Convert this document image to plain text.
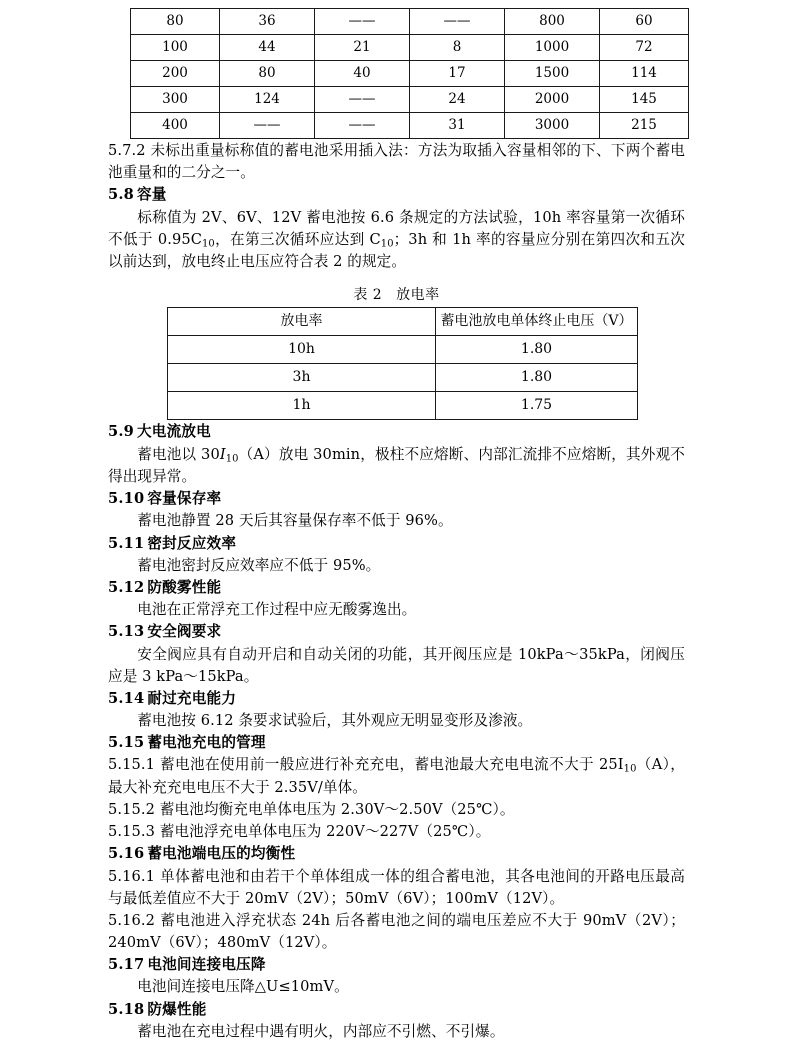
80	36	——	——	800	60
100	44	21	8	1000	72
200	80	40	17	1500	114
300	124	——	24	2000	145
400	——	——	31	3000	215

5.7.2 未标出重量标称值的蓄电池采用插入法：方法为取插入容量相邻的下、下两个蓄电池重量和的二分之一。

5.8 容量

标称值为 2V、6V、12V 蓄电池按 6.6 条规定的方法试验，10h 率容量第一次循环不低于 $0.95C_{10}$，在第三次循环应达到 $C_{10}$；3h 和 1h 率的容量应分别在第四次和五次以前达到，放电终止电压应符合表 2 的规定。

表 2 放电率

放电率	蓄电池放电单体终止电压（V）
10h	1.80
3h	1.80
1h	1.75

5.9 大电流放电

蓄电池以 $30I_{10}(A)$放电 30min，极柱不应熔断、内部汇流排不应熔断，其外观不得出现异常。

5.10 容量保存率

蓄电池静置 28 天后其容量保存率不低于 96%。

5.11 密封反应效率

蓄电池密封反应效率应不低于 95%。

5.12 防酸雾性能

电池在正常浮充工作过程中应无酸雾逸出。

5.13 安全阀要求

安全阀应具有自动开启和自动关闭的功能，其开阀压应是 10kPa～35kPa，闭阀压应是 3 kPa～15kPa。

5.14 耐过充电能力

蓄电池按 6.12 条要求试验后，其外观应无明显变形及渗液。

5.15 蓄电池充电的管理

5.15.1 蓄电池在使用前一般应进行补充充电，蓄电池最大充电电流不大于 $25I_{10}(A)$，最大补充充电电压不大于 2.35V/单体。

5.15.2 蓄电池均衡充电单体电压为 2.30V～2.50V（25℃）。

5.15.3 蓄电池浮充电单体电压为 220V～227V（25℃）。

5.16 蓄电池端电压的均衡性

5.16.1 单体蓄电池和由若干个单体组成一体的组合蓄电池，其各电池间的开路电压最高与最低差值应不大于 20mV（2V）；50mV（6V）；100mV（12V）。

5.16.2 蓄电池进入浮充状态 24h 后各蓄电池之间的端电压差应不大于 90mV（2V）；240mV（6V）；480mV（12V）。

5.17 电池间连接电压降

电池间连接电压降△U≤10mV。

5.18 防爆性能

蓄电池在充电过程中遇有明火，内部应不引燃、不引爆。
